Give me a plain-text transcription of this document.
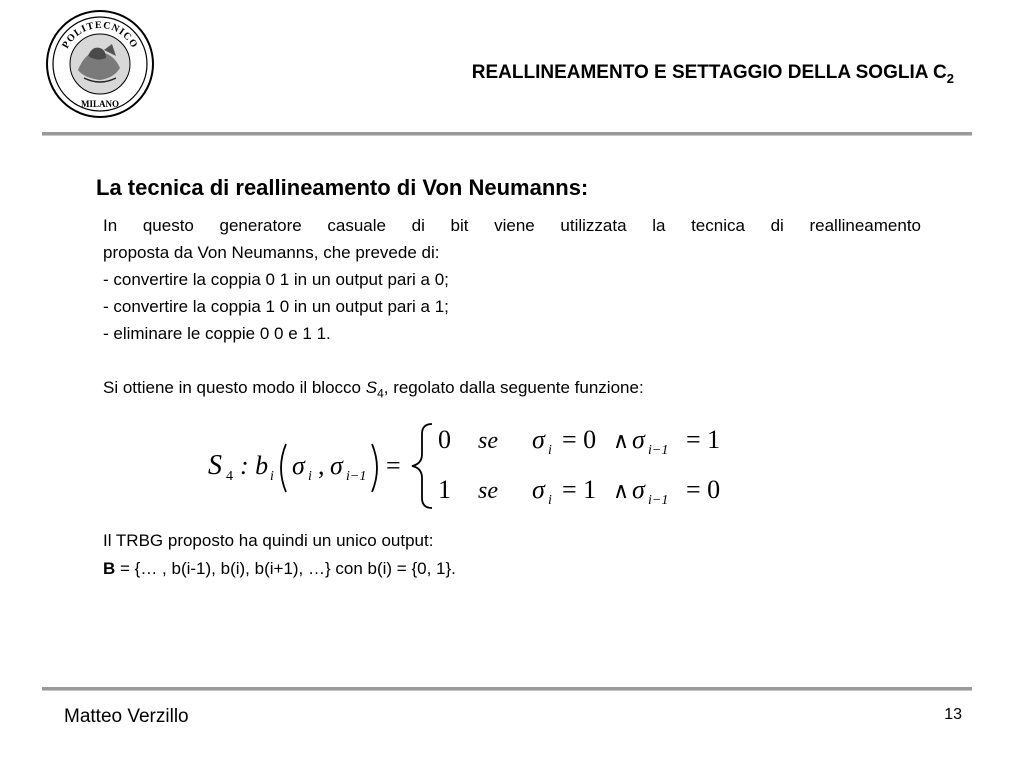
POLITECNICO
MILANO
REALLINEAMENTO E SETTAGGIO DELLA SOGLIA $C_2$
La tecnica di reallineamento di Von Neumanns:
In questo generatore casuale di bit viene utilizzata la tecnica di reallineamento
proposta da Von Neumanns, che prevede di:
- convertire la coppia 0 1 in un output pari a 0;
- convertire la coppia 1 0 in un output pari a 1;
- eliminare le coppie 0 0 e 1 1.
Si ottiene in questo modo il blocco $S_4$, regolato dalla seguente funzione:
S 4 : b i σ i , σ i−1 =
0 se σ i = 0 ∧ σ i−1 = 1
1 se σ i = 1 ∧ σ i−1 = 0
Il TRBG proposto ha quindi un unico output:
B = {… , b(i-1), b(i), b(i+1), …} con b(i) = {0, 1}.
Matteo Verzillo	13
